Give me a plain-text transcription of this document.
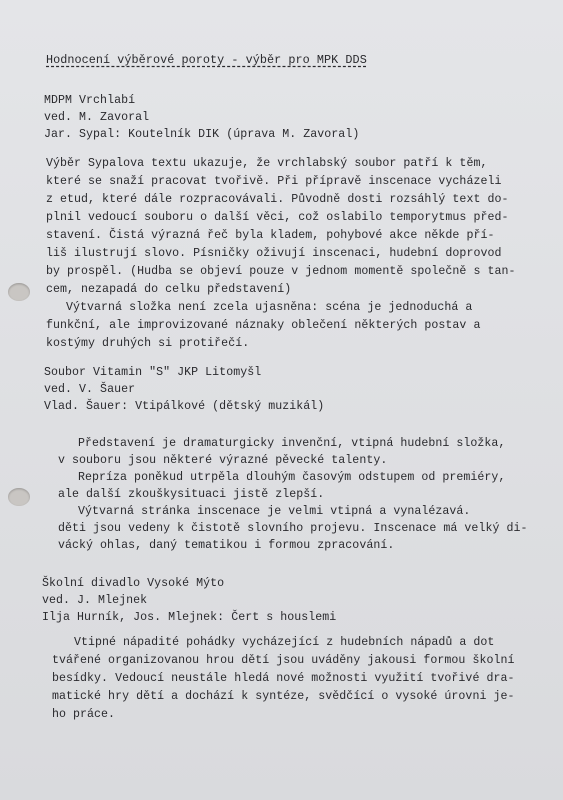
Hodnocení výběrové poroty - výběr pro MPK DDS
MDPM Vrchlabí
ved. M. Zavoral
Jar. Sypal: Koutelník DIK (úprava M. Zavoral)
Výběr Sypalova textu ukazuje, že vrchlabský soubor patří k těm,
které se snaží pracovat tvořivě. Při přípravě inscenace vycházeli
z etud, které dále rozpracovávali. Původně dosti rozsáhlý text do-
plnil vedoucí souboru o další věci, což oslabilo temporytmus před-
stavení. Čistá výrazná řeč byla kladem, pohybové akce někde pří-
liš ilustrují slovo. Písničky oživují inscenaci, hudební doprovod
by prospěl. (Hudba se objeví pouze v jednom momentě společně s tan-
cem, nezapadá do celku představení)
Výtvarná složka není zcela ujasněna: scéna je jednoduchá a
funkční, ale improvizované náznaky oblečení některých postav a
kostýmy druhých si protiřečí.
Soubor Vitamin "S" JKP Litomyšl
ved. V. Šauer
Vlad. Šauer: Vtipálkové (dětský muzikál)
Představení je dramaturgicky invenční, vtipná hudební složka,
v souboru jsou některé výrazné pěvecké talenty.
Repríza poněkud utrpěla dlouhým časovým odstupem od premiéry,
ale další zkouškysituaci jistě zlepší.
Výtvarná stránka inscenace je velmi vtipná a vynalézavá.
děti jsou vedeny k čistotě slovního projevu. Inscenace má velký di-
vácký ohlas, daný tematikou i formou zpracování.
Školní divadlo Vysoké Mýto
ved. J. Mlejnek
Ilja Hurník, Jos. Mlejnek: Čert s houslemi
Vtipné nápadité pohádky vycházející z hudebních nápadů a dot
tvářené organizovanou hrou dětí jsou uváděny jakousi formou školní
besídky. Vedoucí neustále hledá nové možnosti využití tvořivé dra-
matické hry dětí a dochází k syntéze, svědčící o vysoké úrovni je-
ho práce.
